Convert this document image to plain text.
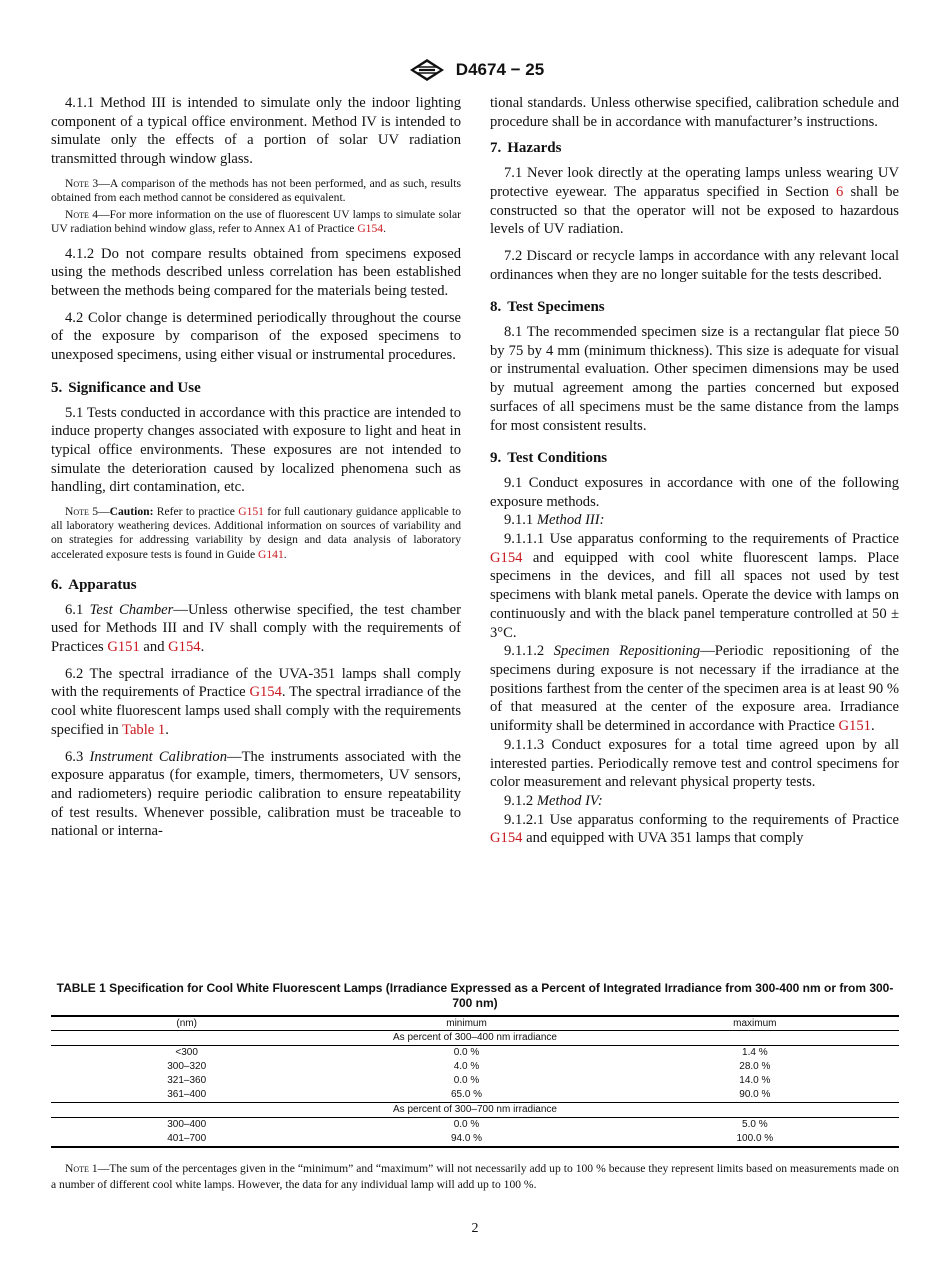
D4674 − 25

4.1.1 Method III is intended to simulate only the indoor lighting component of a typical office environment. Method IV is intended to simulate only the effects of a portion of solar UV radiation transmitted through window glass.

Note 3—A comparison of the methods has not been performed, and as such, results obtained from each method cannot be considered as equivalent.
Note 4—For more information on the use of fluorescent UV lamps to simulate solar UV radiation behind window glass, refer to Annex A1 of Practice G154.

4.1.2 Do not compare results obtained from specimens exposed using the methods described unless correlation has been established between the methods being compared for the materials being tested.

4.2 Color change is determined periodically throughout the course of the exposure by comparison of the exposed specimens to unexposed specimens, using either visual or instrumental procedures.

5. Significance and Use

5.1 Tests conducted in accordance with this practice are intended to induce property changes associated with exposure to light and heat in typical office environments. These exposures are not intended to simulate the deterioration caused by localized phenomena such as handling, dirt contamination, etc.

Note 5—Caution: Refer to practice G151 for full cautionary guidance applicable to all laboratory weathering devices. Additional information on sources of variability and on strategies for addressing variability by design and data analysis of laboratory accelerated exposure tests is found in Guide G141.
6. Apparatus

6.1 Test Chamber—Unless otherwise specified, the test chamber used for Methods III and IV shall comply with the requirements of Practices G151 and G154.

6.2 The spectral irradiance of the UVA-351 lamps shall comply with the requirements of Practice G154. The spectral irradiance of the cool white fluorescent lamps used shall comply with the requirements specified in Table 1.

6.3 Instrument Calibration—The instruments associated with the exposure apparatus (for example, timers, thermometers, UV sensors, and radiometers) require periodic calibration to ensure repeatability of test results. Whenever possible, calibration must be traceable to national or interna-

tional standards. Unless otherwise specified, calibration schedule and procedure shall be in accordance with manufacturer’s instructions.

7. Hazards

7.1 Never look directly at the operating lamps unless wearing UV protective eyewear. The apparatus specified in Section 6 shall be constructed so that the operator will not be exposed to hazardous levels of UV radiation.

7.2 Discard or recycle lamps in accordance with any relevant local ordinances when they are no longer suitable for the tests described.

8. Test Specimens

8.1 The recommended specimen size is a rectangular flat piece 50 by 75 by 4 mm (minimum thickness). This size is adequate for visual or instrumental evaluation. Other specimen dimensions may be used by mutual agreement among the parties concerned but exposed surfaces of all specimens must be the same distance from the lamps for most consistent results.

9. Test Conditions

9.1 Conduct exposures in accordance with one of the following exposure methods.

9.1.1 Method III:

9.1.1.1 Use apparatus conforming to the requirements of Practice G154 and equipped with cool white fluorescent lamps. Place specimens in the devices, and fill all spaces not used by test specimens with blank metal panels. Operate the device with lamps on continuously and with the black panel temperature controlled at 50 ± 3°C.

9.1.1.2 Specimen Repositioning—Periodic repositioning of the specimens during exposure is not necessary if the irradiance at the positions farthest from the center of the specimen area is at least 90 % of that measured at the center of the exposure area. Irradiance uniformity shall be determined in accordance with Practice G151.

9.1.1.3 Conduct exposures for a total time agreed upon by all interested parties. Periodically remove test and control specimens for color measurement and relevant physical property tests.

9.1.2 Method IV:

9.1.2.1 Use apparatus conforming to the requirements of Practice G154 and equipped with UVA 351 lamps that comply

TABLE 1 Specification for Cool White Fluorescent Lamps (Irradiance Expressed as a Percent of Integrated Irradiance from 300-400 nm or from 300-700 nm)
(nm)	minimum	maximum
As percent of 300–400 nm irradiance		
<300	0.0 %	1.4 %
300–320	4.0 %	28.0 %
321–360	0.0 %	14.0 %
361–400	65.0 %	90.0 %
As percent of 300–700 nm irradiance		
300–400	0.0 %	5.0 %
401–700	94.0 %	100.0 %
Note 1—The sum of the percentages given in the “minimum” and “maximum” will not necessarily add up to 100 % because they represent limits based on measurements made on a number of different cool white lamps. However, the data for any individual lamp will add up to 100 %.
2
